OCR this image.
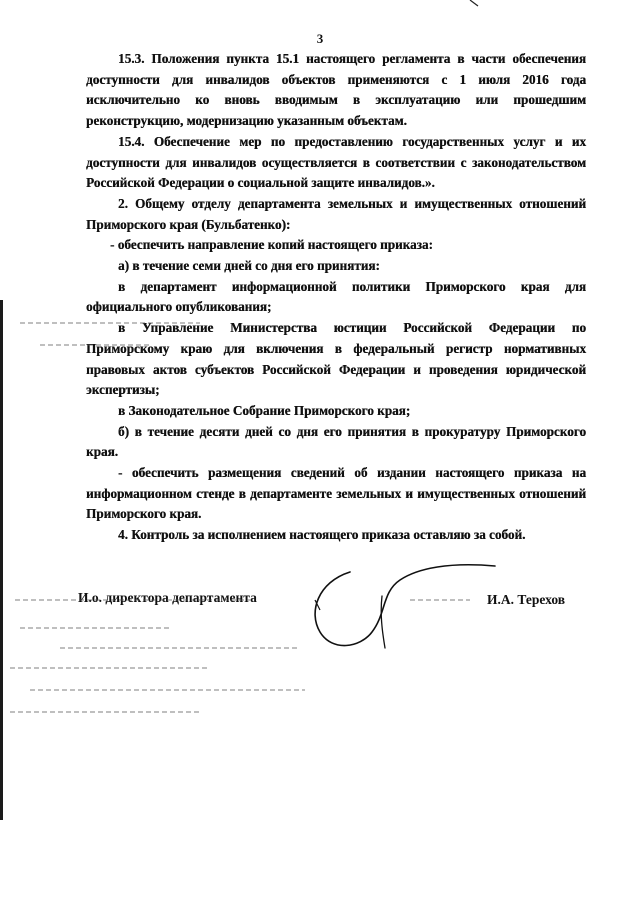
3

15.3. Положения пункта 15.1 настоящего регламента в части обеспечения доступности для инвалидов объектов применяются с 1 июля 2016 года исключительно ко вновь вводимым в эксплуатацию или прошедшим реконструкцию, модернизацию указанным объектам.

15.4. Обеспечение мер по предоставлению государственных услуг и их доступности для инвалидов осуществляется в соответствии с законодательством Российской Федерации о социальной защите инвалидов.».

2. Общему отделу департамента земельных и имущественных отношений Приморского края (Бульбатенко):

- обеспечить направление копий настоящего приказа:

а) в течение семи дней со дня его принятия:

в департамент информационной политики Приморского края для официального опубликования;

в Управление Министерства юстиции Российской Федерации по Приморскому краю для включения в федеральный регистр нормативных правовых актов субъектов Российской Федерации и проведения юридической экспертизы;

в Законодательное Собрание Приморского края;

б) в течение десяти дней со дня его принятия в прокуратуру Приморского края.

- обеспечить размещения сведений об издании настоящего приказа на информационном стенде в департаменте земельных и имущественных отношений Приморского края.

4. Контроль за исполнением настоящего приказа оставляю за собой.

И.о. директора департамента	И.А. Терехов
